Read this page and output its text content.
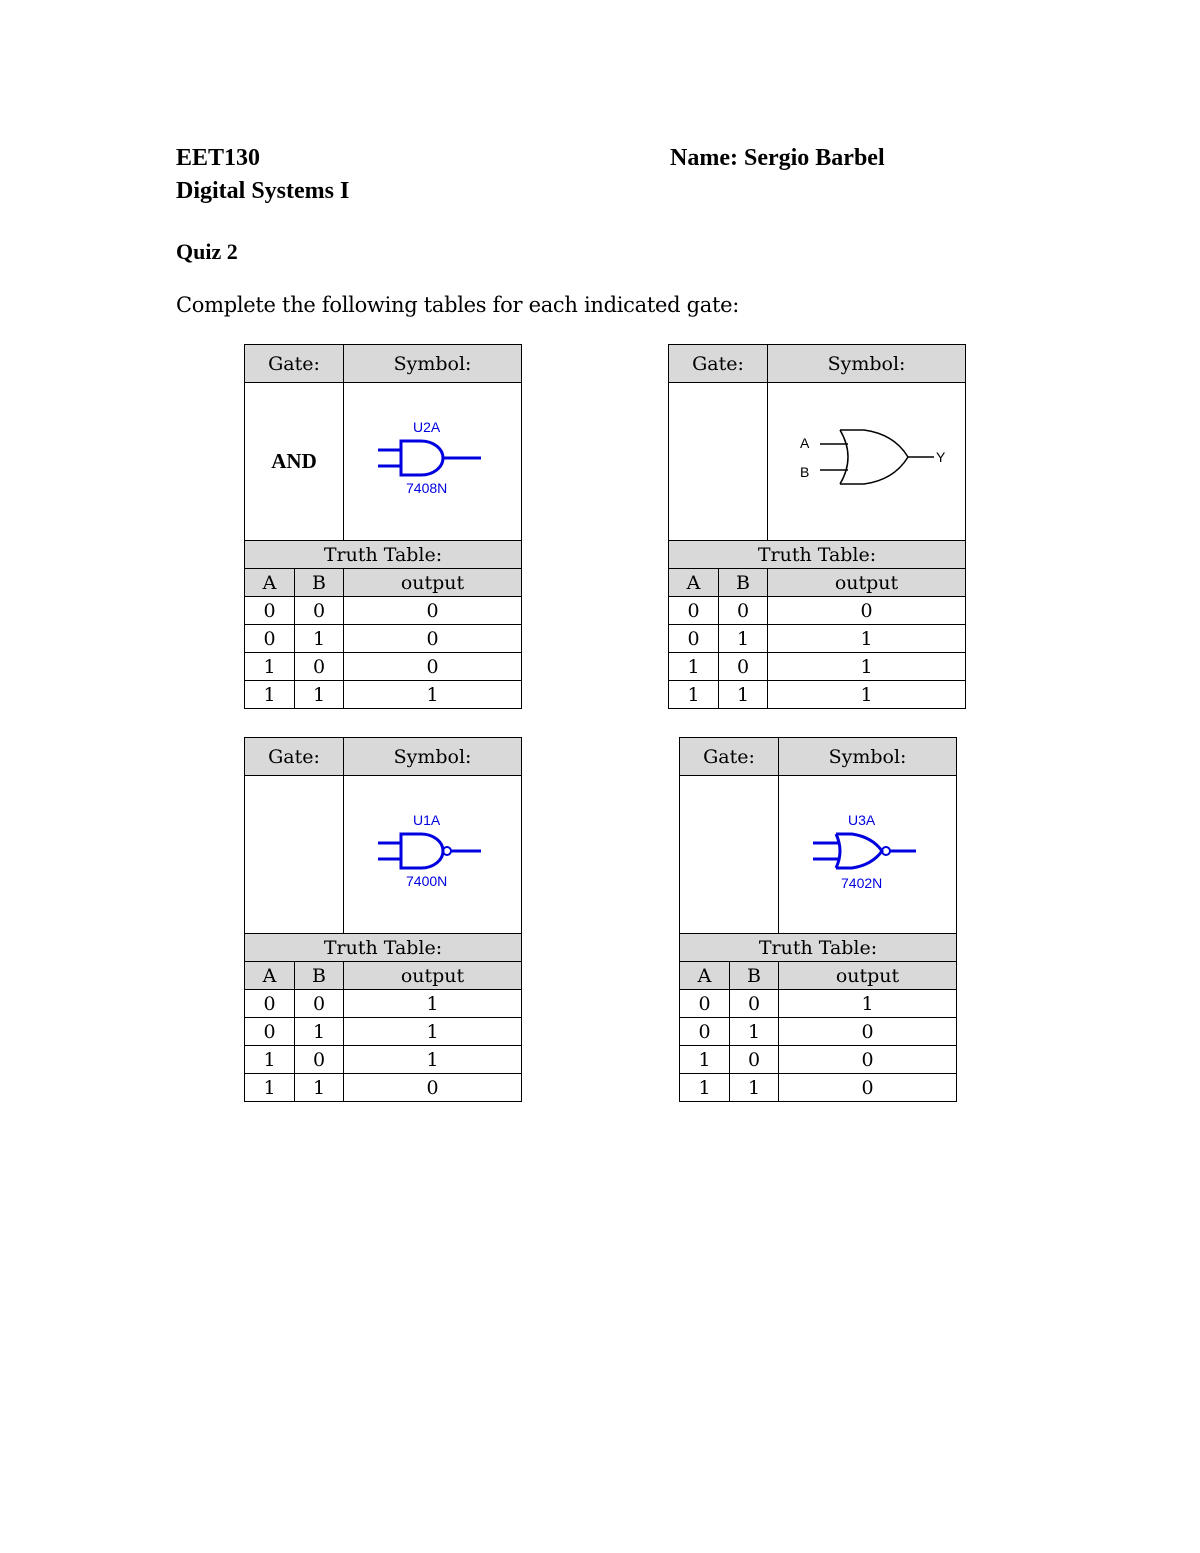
EET130
Digital Systems I
Name: Sergio Barbel
Quiz 2
Complete the following tables for each indicated gate:
Gate:		Symbol:
AND		U2A
7408N

Truth Table:		
A	B	output
0	0	0
0	1	0
1	0	0
1	1	1
Gate:		Symbol:

A
B
Y

Truth Table:		
A	B	output
0	0	0
0	1	1
1	0	1
1	1	1
Gate:		Symbol:

U1A
7400N

Truth Table:		
A	B	output
0	0	1
0	1	1
1	0	1
1	1	0
Gate:		Symbol:

U3A
7402N

Truth Table:		
A	B	output
0	0	1
0	1	0
1	0	0
1	1	0
